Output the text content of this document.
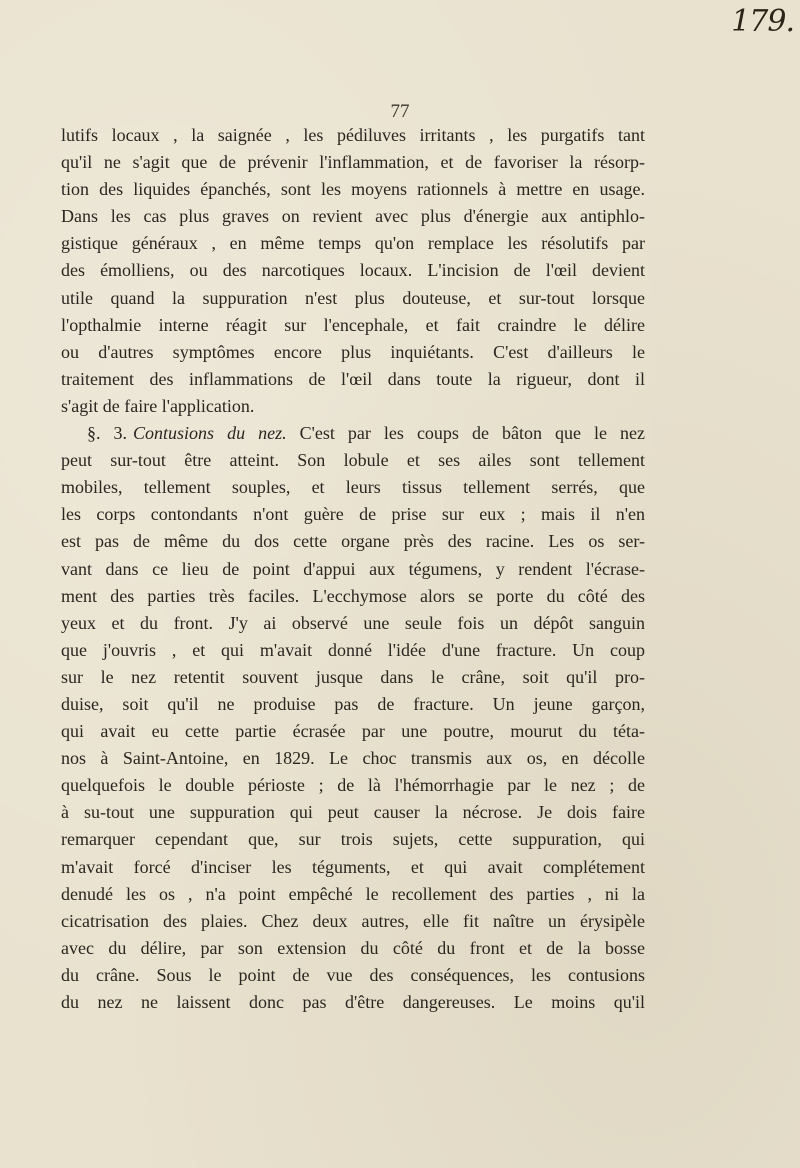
179.
77
lutifs locaux , la saignée , les pédiluves irritants , les purgatifs tant
qu'il ne s'agit que de prévenir l'inflammation, et de favoriser la résorp-
tion des liquides épanchés, sont les moyens rationnels à mettre en usage.
Dans les cas plus graves on revient avec plus d'énergie aux antiphlo-
gistique généraux , en même temps qu'on remplace les résolutifs par
des émolliens, ou des narcotiques locaux. L'incision de l'œil devient
utile quand la suppuration n'est plus douteuse, et sur-tout lorsque
l'opthalmie interne réagit sur l'encephale, et fait craindre le délire
ou d'autres symptômes encore plus inquiétants. C'est d'ailleurs le
traitement des inflammations de l'œil dans toute la rigueur, dont il
s'agit de faire l'application.
§. 3. Contusions du nez. C'est par les coups de bâton que le nez
peut sur-tout être atteint. Son lobule et ses ailes sont tellement
mobiles, tellement souples, et leurs tissus tellement serrés, que
les corps contondants n'ont guère de prise sur eux ; mais il n'en
est pas de même du dos cette organe près des racine. Les os ser-
vant dans ce lieu de point d'appui aux tégumens, y rendent l'écrase-
ment des parties très faciles. L'ecchymose alors se porte du côté des
yeux et du front. J'y ai observé une seule fois un dépôt sanguin
que j'ouvris , et qui m'avait donné l'idée d'une fracture. Un coup
sur le nez retentit souvent jusque dans le crâne, soit qu'il pro-
duise, soit qu'il ne produise pas de fracture. Un jeune garçon,
qui avait eu cette partie écrasée par une poutre, mourut du téta-
nos à Saint-Antoine, en 1829. Le choc transmis aux os, en décolle
quelquefois le double périoste ; de là l'hémorrhagie par le nez ; de
à su-tout une suppuration qui peut causer la nécrose. Je dois faire
remarquer cependant que, sur trois sujets, cette suppuration, qui
m'avait forcé d'inciser les téguments, et qui avait complétement
denudé les os , n'a point empêché le recollement des parties , ni la
cicatrisation des plaies. Chez deux autres, elle fit naître un érysipèle
avec du délire, par son extension du côté du front et de la bosse
du crâne. Sous le point de vue des conséquences, les contusions
du nez ne laissent donc pas d'être dangereuses. Le moins qu'il
